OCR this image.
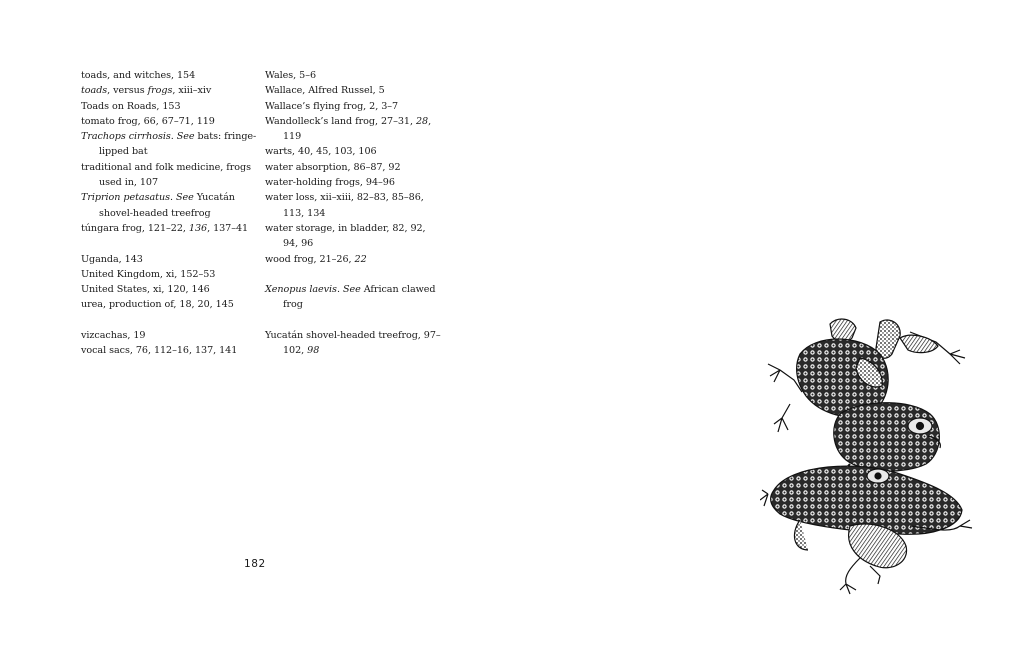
toads, and witches, 154
toads, versus frogs, xiii–xiv
Toads on Roads, 153
tomato frog, 66, 67–71, 119
Trachops cirrhosis. See bats: fringe-lipped bat
traditional and folk medicine, frogs used in, 107
Triprion petasatus. See Yucatán shovel-headed treefrog
túngara frog, 121–22, 136, 137–41
Uganda, 143
United Kingdom, xi, 152–53
United States, xi, 120, 146
urea, production of, 18, 20, 145
vizcachas, 19
vocal sacs, 76, 112–16, 137, 141
Wales, 5–6
Wallace, Alfred Russel, 5
Wallace’s flying frog, 2, 3–7
Wandolleck’s land frog, 27–31, 28, 119
warts, 40, 45, 103, 106
water absorption, 86–87, 92
water-holding frogs, 94–96
water loss, xii–xiii, 82–83, 85–86, 113, 134
water storage, in bladder, 82, 92, 94, 96
wood frog, 21–26, 22
Xenopus laevis. See African clawed frog
Yucatán shovel-headed treefrog, 97–102, 98
182
